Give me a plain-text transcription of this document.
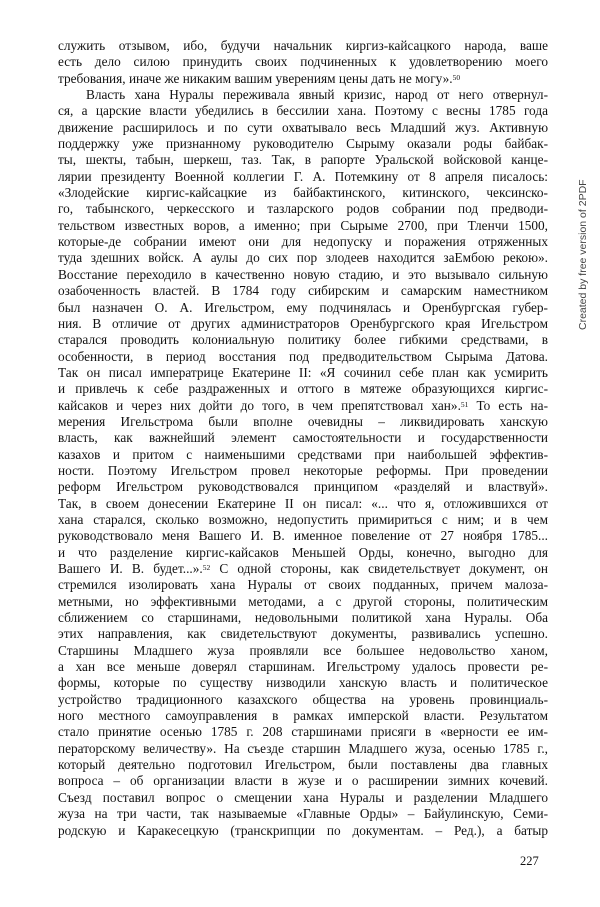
служить отзывом, ибо, будучи начальник киргиз-кайсацкого народа, ваше
есть дело силою принудить своих подчиненных к удовлетворению моего
требования, иначе же никаким вашим уверениям цены дать не могу».$^{50}$
Власть хана Нуралы переживала явный кризис, народ от него отвернул-
ся, а царские власти убедились в бессилии хана. Поэтому с весны 1785 года
движение расширилось и по сути охватывало весь Младший жуз. Активную
поддержку уже признанному руководителю Сырыму оказали роды байбак-
ты, шекты, табын, шеркеш, таз. Так, в рапорте Уральской войсковой канце-
лярии президенту Военной коллегии Г. А. Потемкину от 8 апреля писалось:
«Злодейские киргис-кайсацкие из байбактинского, китинского, чексинско-
го, табынского, черкесского и тазларского родов собрании под предводи-
тельством известных воров, а именно; при Сырыме 2700, при Тленчи 1500,
которые-де собрании имеют они для недопуску и поражения отряженных
туда здешних войск. А аулы до сих пор злодеев находится заЕмбою рекою».
Восстание переходило в качественно новую стадию, и это вызывало сильную
озабоченность властей. В 1784 году сибирским и самарским наместником
был назначен О. А. Игельстром, ему подчинялась и Оренбургская губер-
ния. В отличие от других администраторов Оренбургского края Игельстром
старался проводить колониальную политику более гибкими средствами, в
особенности, в период восстания под предводительством Сырыма Датова.
Так он писал императрице Екатерине II: «Я сочинил себе план как усмирить
и привлечь к себе раздраженных и оттого в мятеже образующихся киргис-
кайсаков и через них дойти до того, в чем препятствовал хан».$^{51}$ То есть на-
мерения Игельстрома были вполне очевидны – ликвидировать ханскую
власть, как важнейший элемент самостоятельности и государственности
казахов и притом с наименьшими средствами при наибольшей эффектив-
ности. Поэтому Игельстром провел некоторые реформы. При проведении
реформ Игельстром руководствовался принципом «разделяй и властвуй».
Так, в своем донесении Екатерине II он писал: «... что я, отложившихся от
хана старался, сколько возможно, недопустить примириться с ним; и в чем
руководствовало меня Вашего И. В. именное повеление от 27 ноября 1785...
и что разделение киргис-кайсаков Меньшей Орды, конечно, выгодно для
Вашего И. В. будет...».$^{52}$ С одной стороны, как свидетельствует документ, он
стремился изолировать хана Нуралы от своих подданных, причем малоза-
метными, но эффективными методами, а с другой стороны, политическим
сближением со старшинами, недовольными политикой хана Нуралы. Оба
этих направления, как свидетельствуют документы, развивались успешно.
Старшины Младшего жуза проявляли все большее недовольство ханом,
а хан все меньше доверял старшинам. Игельстрому удалось провести ре-
формы, которые по существу низводили ханскую власть и политическое
устройство традиционного казахского общества на уровень провинциаль-
ного местного самоуправления в рамках имперской власти. Результатом
стало принятие осенью 1785 г. 208 старшинами присяги в «верности ее им-
ператорскому величеству». На съезде старшин Младшего жуза, осенью 1785 г.,
который деятельно подготовил Игельстром, были поставлены два главных
вопроса – об организации власти в жузе и о расширении зимних кочевий.
Съезд поставил вопрос о смещении хана Нуралы и разделении Младшего
жуза на три части, так называемые «Главные Орды» – Байулинскую, Семи-
родскую и Каракесецкую (транскрипции по документам. – Ред.), а батыр
227
Created by free version of 2PDF
